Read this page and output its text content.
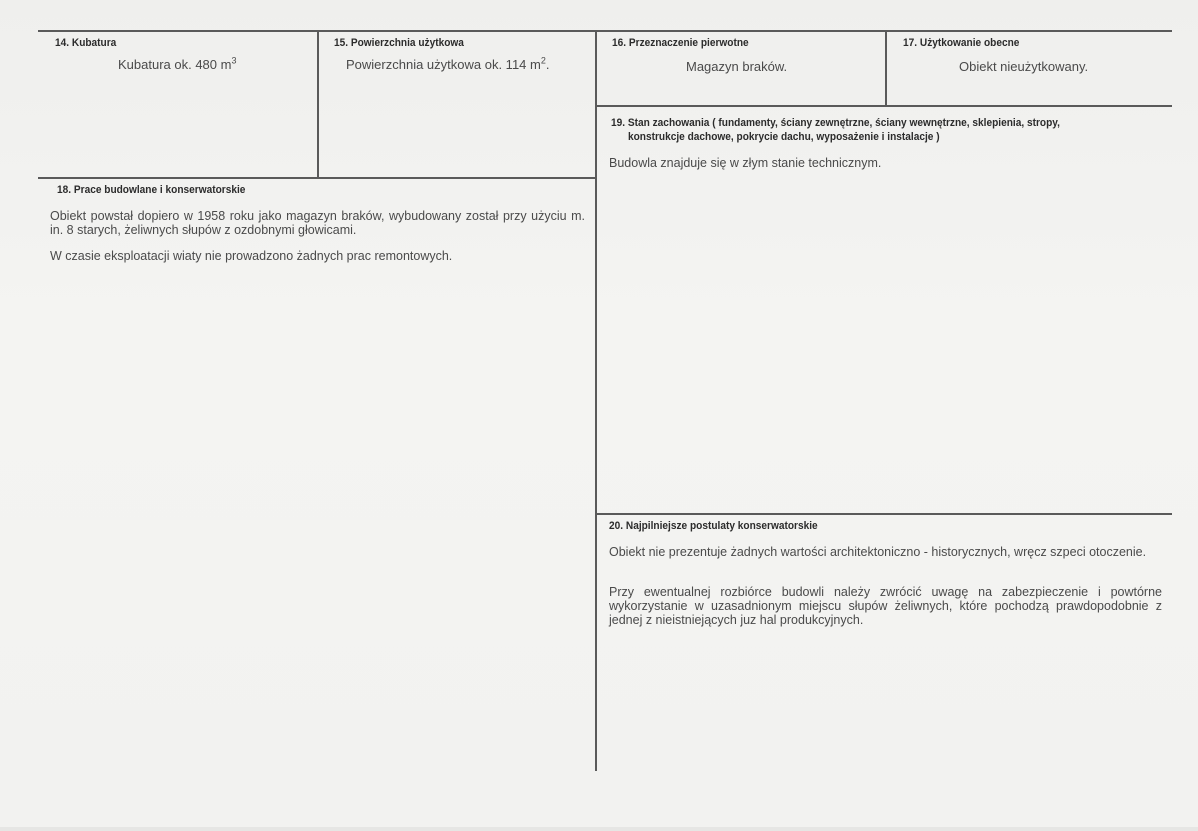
14. Kubatura
Kubatura ok. 480 $m^3$
15. Powierzchnia użytkowa
Powierzchnia użytkowa ok. 114 $m^2$.
16. Przeznaczenie pierwotne
Magazyn braków.
17. Użytkowanie obecne
Obiekt nieużytkowany.
19. Stan zachowania ( fundamenty, ściany zewnętrzne, ściany wewnętrzne, sklepienia, stropy,
konstrukcje dachowe, pokrycie dachu, wyposażenie i instalacje )
Budowla znajduje się w złym stanie technicznym.
18. Prace budowlane i konserwatorskie
Obiekt powstał dopiero w 1958 roku jako magazyn braków, wybudowany został przy użyciu m. in. 8 starych, żeliwnych słupów z ozdobnymi głowicami.
W czasie eksploatacji wiaty nie prowadzono żadnych prac remontowych.
20. Najpilniejsze postulaty konserwatorskie
Obiekt nie prezentuje żadnych wartości architektoniczno - historycznych, wręcz szpeci otoczenie.
Przy ewentualnej rozbiórce budowli należy zwrócić uwagę na zabezpieczenie i powtórne wykorzystanie w uzasadnionym miejscu słupów żeliwnych, które pochodzą prawdopodobnie z jednej z nieistniejących juz hal produkcyjnych.
